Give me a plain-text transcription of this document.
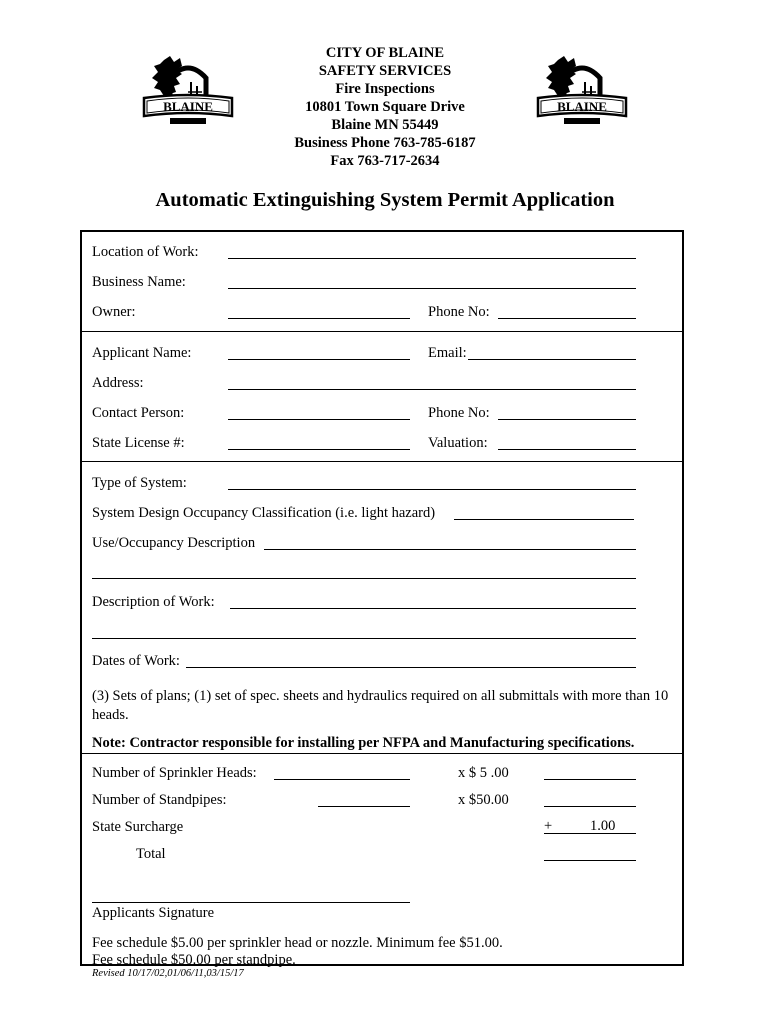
CITY OF BLAINE
SAFETY SERVICES
Fire Inspections
10801 Town Square Drive
Blaine MN 55449
Business Phone 763-785-6187
Fax 763-717-2634
BLAINE	BLAINE
Automatic Extinguishing System Permit Application
Location of Work:
Business Name:
Owner:	Phone No:
Applicant Name:	Email:
Address:
Contact Person:	Phone No:
State License #:	Valuation:
Type of System:
System Design Occupancy Classification (i.e. light hazard)
Use/Occupancy Description
Description of Work:
Dates of Work:
(3) Sets of plans; (1) set of spec. sheets and hydraulics required on all submittals with more than 10 heads.
Note: Contractor responsible for installing per NFPA and Manufacturing specifications.
Number of Sprinkler Heads:	x $ 5 .00
Number of Standpipes:	x $50.00
State Surcharge	+	1.00
Total
Applicants Signature
Fee schedule $5.00 per sprinkler head or nozzle. Minimum fee $51.00.
Fee schedule $50.00 per standpipe.
Revised 10/17/02,01/06/11,03/15/17
